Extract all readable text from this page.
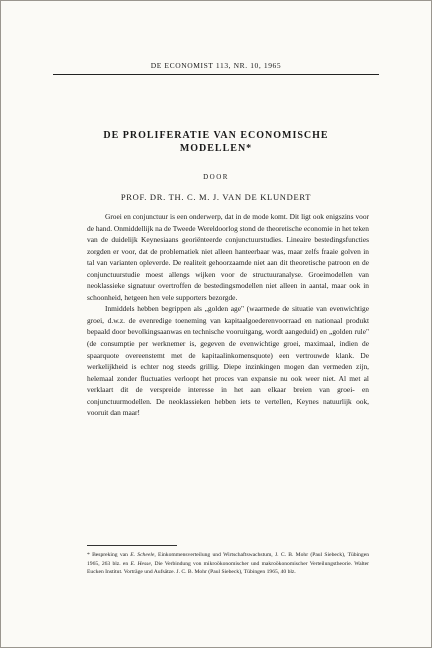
DE ECONOMIST 113, NR. 10, 1965
DE PROLIFERATIE VAN ECONOMISCHE MODELLEN*
DOOR
PROF. DR. TH. C. M. J. VAN DE KLUNDERT

Groei en conjunctuur is een onderwerp, dat in de mode komt. Dit ligt ook enigszins voor de hand. Onmiddellijk na de Tweede Wereldoorlog stond de theoretische economie in het teken van de duidelijk Keynesiaans georiënteerde conjunctuurstudies. Lineaire bestedingsfuncties zorgden er voor, dat de problematiek niet alleen hanteerbaar was, maar zelfs fraaie golven in tal van varianten opleverde. De realiteit gehoorzaamde niet aan dit theoretische patroon en de conjunctuurstudie moest allengs wijken voor de structuuranalyse. Groeimodellen van neoklassieke signatuur overtroffen de bestedingsmodellen niet alleen in aantal, maar ook in schoonheid, hetgeen hen vele supporters bezorgde.

Inmiddels hebben begrippen als „golden age" (waarmede de situatie van evenwichtige groei, d.w.z. de evenredige toeneming van kapitaalgoederenvoorraad en nationaal produkt bepaald door bevolkingsaanwas en technische vooruitgang, wordt aangeduid) en „golden rule" (de consumptie per werknemer is, gegeven de evenwichtige groei, maximaal, indien de spaarquote overeenstemt met de kapitaalinkomensquote) een vertrouwde klank. De werkelijkheid is echter nog steeds grillig. Diepe inzinkingen mogen dan vermeden zijn, helemaal zonder fluctuaties verloopt het proces van expansie nu ook weer niet. Al met al verklaart dit de verspreide interesse in het aan elkaar breien van groei- en conjunctuurmodellen. De neoklassieken hebben iets te vertellen, Keynes natuurlijk ook, vooruit dan maar!

* Bespreking van E. Scheele, Einkommensverteilung und Wirtschaftswachstum, J. C. B. Mohr (Paul Siebeck), Tübingen 1965, 263 blz. en E. Hesse, Die Verbindung von mikroökonomischer und makroökonomischer Verteilungstheorie. Walter Eucken Institut. Vorträge und Aufsätze. J. C. B. Mohr (Paul Siebeck), Tübingen 1965, 40 blz.
